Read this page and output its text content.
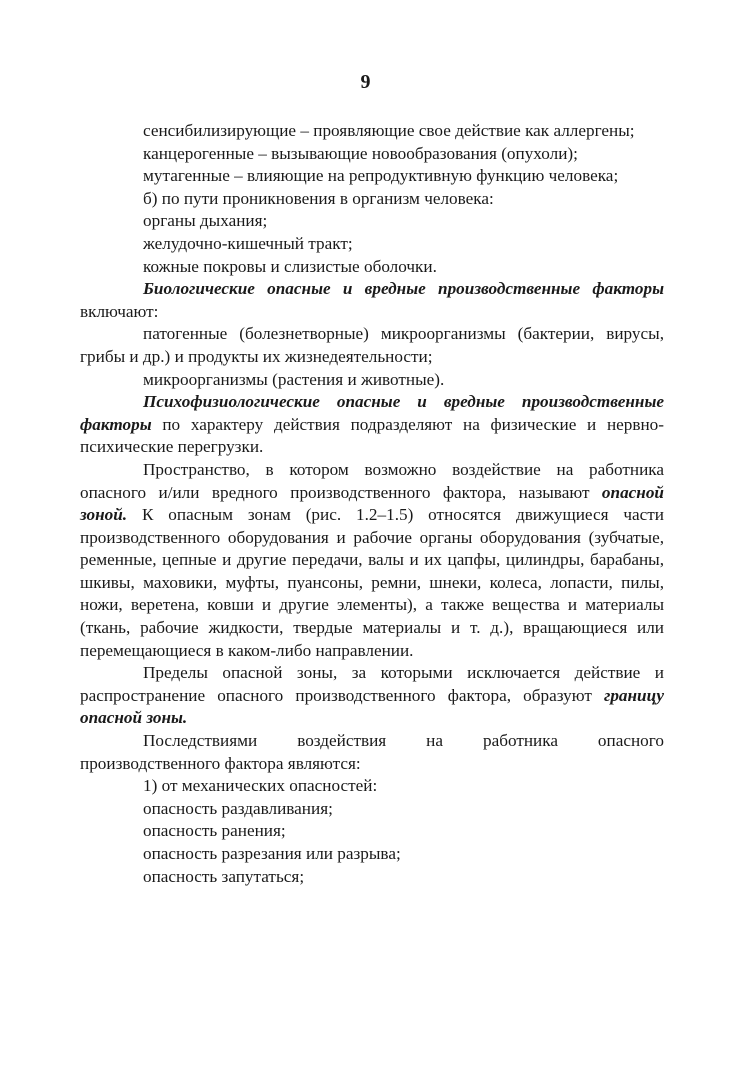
9

сенсибилизирующие – проявляющие свое действие как аллергены;

канцерогенные – вызывающие новообразования (опухоли);

мутагенные – влияющие на репродуктивную функцию человека;

б) по пути проникновения в организм человека:

органы дыхания;

желудочно-кишечный тракт;

кожные покровы и слизистые оболочки.

Биологические опасные и вредные производственные факторы включают:

патогенные (болезнетворные) микроорганизмы (бактерии, вирусы, грибы и др.) и продукты их жизнедеятельности;

микроорганизмы (растения и животные).

Психофизиологические опасные и вредные производственные факторы по характеру действия подразделяют на физические и нервно-психические перегрузки.

Пространство, в котором возможно воздействие на работника опасного и/или вредного производственного фактора, называют опасной зоной. К опасным зонам (рис. 1.2–1.5) относятся движущиеся части производственного оборудования и рабочие органы оборудования (зубчатые, ременные, цепные и другие передачи, валы и их цапфы, цилиндры, барабаны, шкивы, маховики, муфты, пуансоны, ремни, шнеки, колеса, лопасти, пилы, ножи, веретена, ковши и другие элементы), а также вещества и материалы (ткань, рабочие жидкости, твердые материалы и т. д.), вращающиеся или перемещающиеся в каком-либо направлении.

Пределы опасной зоны, за которыми исключается действие и распространение опасного производственного фактора, образуют границу опасной зоны.

Последствиями воздействия на работника опасного производственного фактора являются:

1) от механических опасностей:

опасность раздавливания;

опасность ранения;

опасность разрезания или разрыва;

опасность запутаться;
